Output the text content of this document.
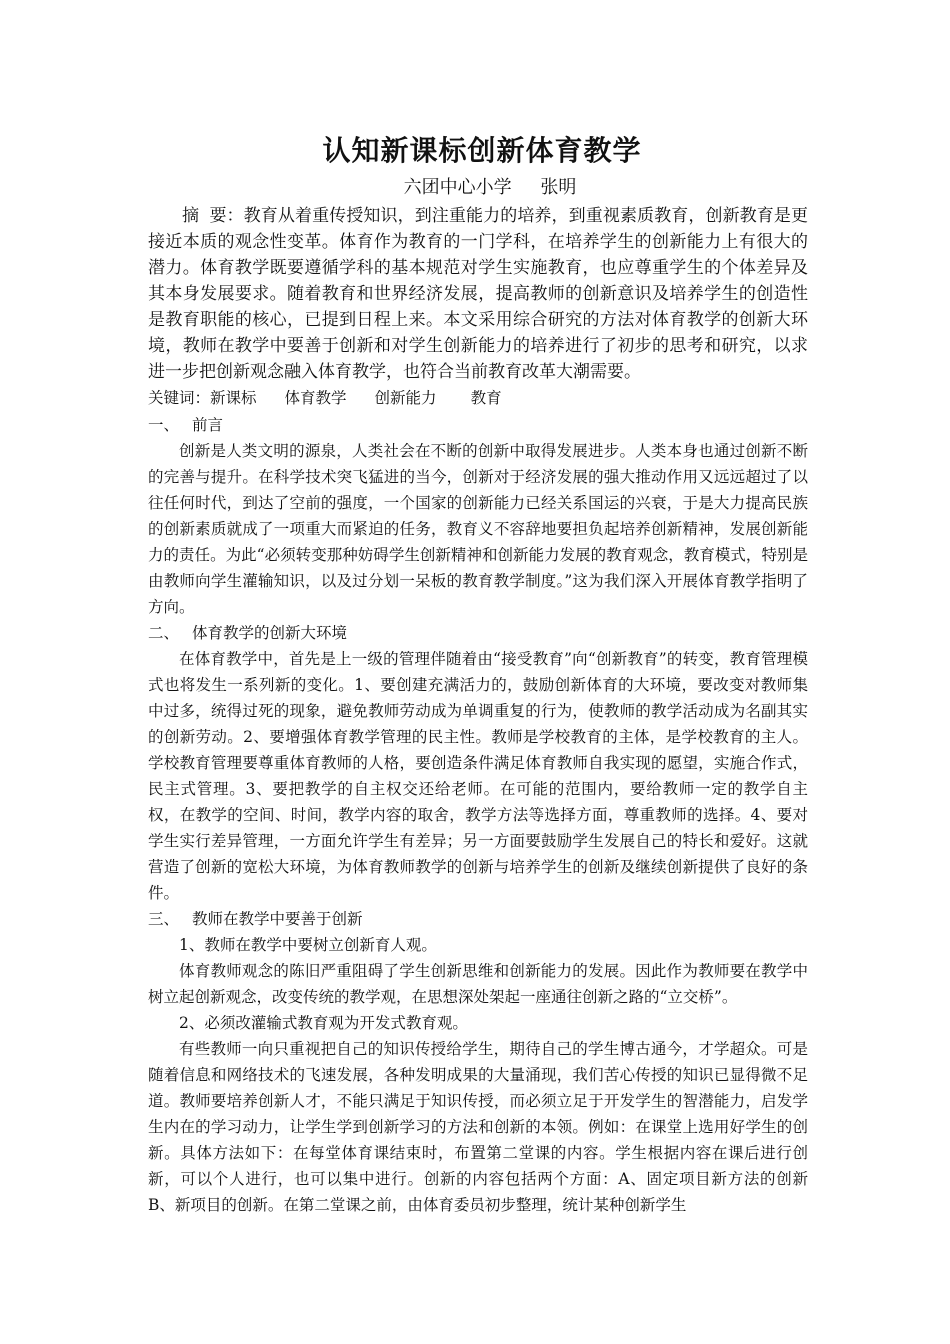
认知新课标创新体育教学
六团中心小学　 张明

摘 要：教育从着重传授知识，到注重能力的培养，到重视素质教育，创新教育是更接近本质的观念性变革。体育作为教育的一门学科，在培养学生的创新能力上有很大的潜力。体育教学既要遵循学科的基本规范对学生实施教育，也应尊重学生的个体差异及其本身发展要求。随着教育和世界经济发展，提高教师的创新意识及培养学生的创造性是教育职能的核心，已提到日程上来。本文采用综合研究的方法对体育教学的创新大环境，教师在教学中要善于创新和对学生创新能力的培养进行了初步的思考和研究，以求进一步把创新观念融入体育教学，也符合当前教育改革大潮需要。

关键词：新课标 体育教学 创新能力 教育

一、 前言

创新是人类文明的源泉，人类社会在不断的创新中取得发展进步。人类本身也通过创新不断的完善与提升。在科学技术突飞猛进的当今，创新对于经济发展的强大推动作用又远远超过了以往任何时代，到达了空前的强度，一个国家的创新能力已经关系国运的兴衰，于是大力提高民族的创新素质就成了一项重大而紧迫的任务，教育义不容辞地要担负起培养创新精神，发展创新能力的责任。为此“必须转变那种妨碍学生创新精神和创新能力发展的教育观念，教育模式，特别是由教师向学生灌输知识，以及过分划一呆板的教育教学制度。”这为我们深入开展体育教学指明了方向。

二、 体育教学的创新大环境

在体育教学中，首先是上一级的管理伴随着由“接受教育”向“创新教育”的转变，教育管理模式也将发生一系列新的变化。1、要创建充满活力的，鼓励创新体育的大环境，要改变对教师集中过多，统得过死的现象，避免教师劳动成为单调重复的行为，使教师的教学活动成为名副其实的创新劳动。2、要增强体育教学管理的民主性。教师是学校教育的主体，是学校教育的主人。学校教育管理要尊重体育教师的人格，要创造条件满足体育教师自我实现的愿望，实施合作式，民主式管理。3、要把教学的自主权交还给老师。在可能的范围内，要给教师一定的教学自主权，在教学的空间、时间，教学内容的取舍，教学方法等选择方面，尊重教师的选择。4、要对学生实行差异管理，一方面允许学生有差异；另一方面要鼓励学生发展自己的特长和爱好。这就营造了创新的宽松大环境，为体育教师教学的创新与培养学生的创新及继续创新提供了良好的条件。

三、 教师在教学中要善于创新

1、教师在教学中要树立创新育人观。

体育教师观念的陈旧严重阻碍了学生创新思维和创新能力的发展。因此作为教师要在教学中树立起创新观念，改变传统的教学观，在思想深处架起一座通往创新之路的“立交桥”。

2、必须改灌输式教育观为开发式教育观。

有些教师一向只重视把自己的知识传授给学生，期待自己的学生博古通今，才学超众。可是随着信息和网络技术的飞速发展，各种发明成果的大量涌现，我们苦心传授的知识已显得微不足道。教师要培养创新人才，不能只满足于知识传授，而必须立足于开发学生的智潜能力，启发学生内在的学习动力，让学生学到创新学习的方法和创新的本领。例如：在课堂上选用好学生的创新。具体方法如下：在每堂体育课结束时，布置第二堂课的内容。学生根据内容在课后进行创新，可以个人进行，也可以集中进行。创新的内容包括两个方面：A、固定项目新方法的创新 B、新项目的创新。在第二堂课之前，由体育委员初步整理，统计某种创新学生
